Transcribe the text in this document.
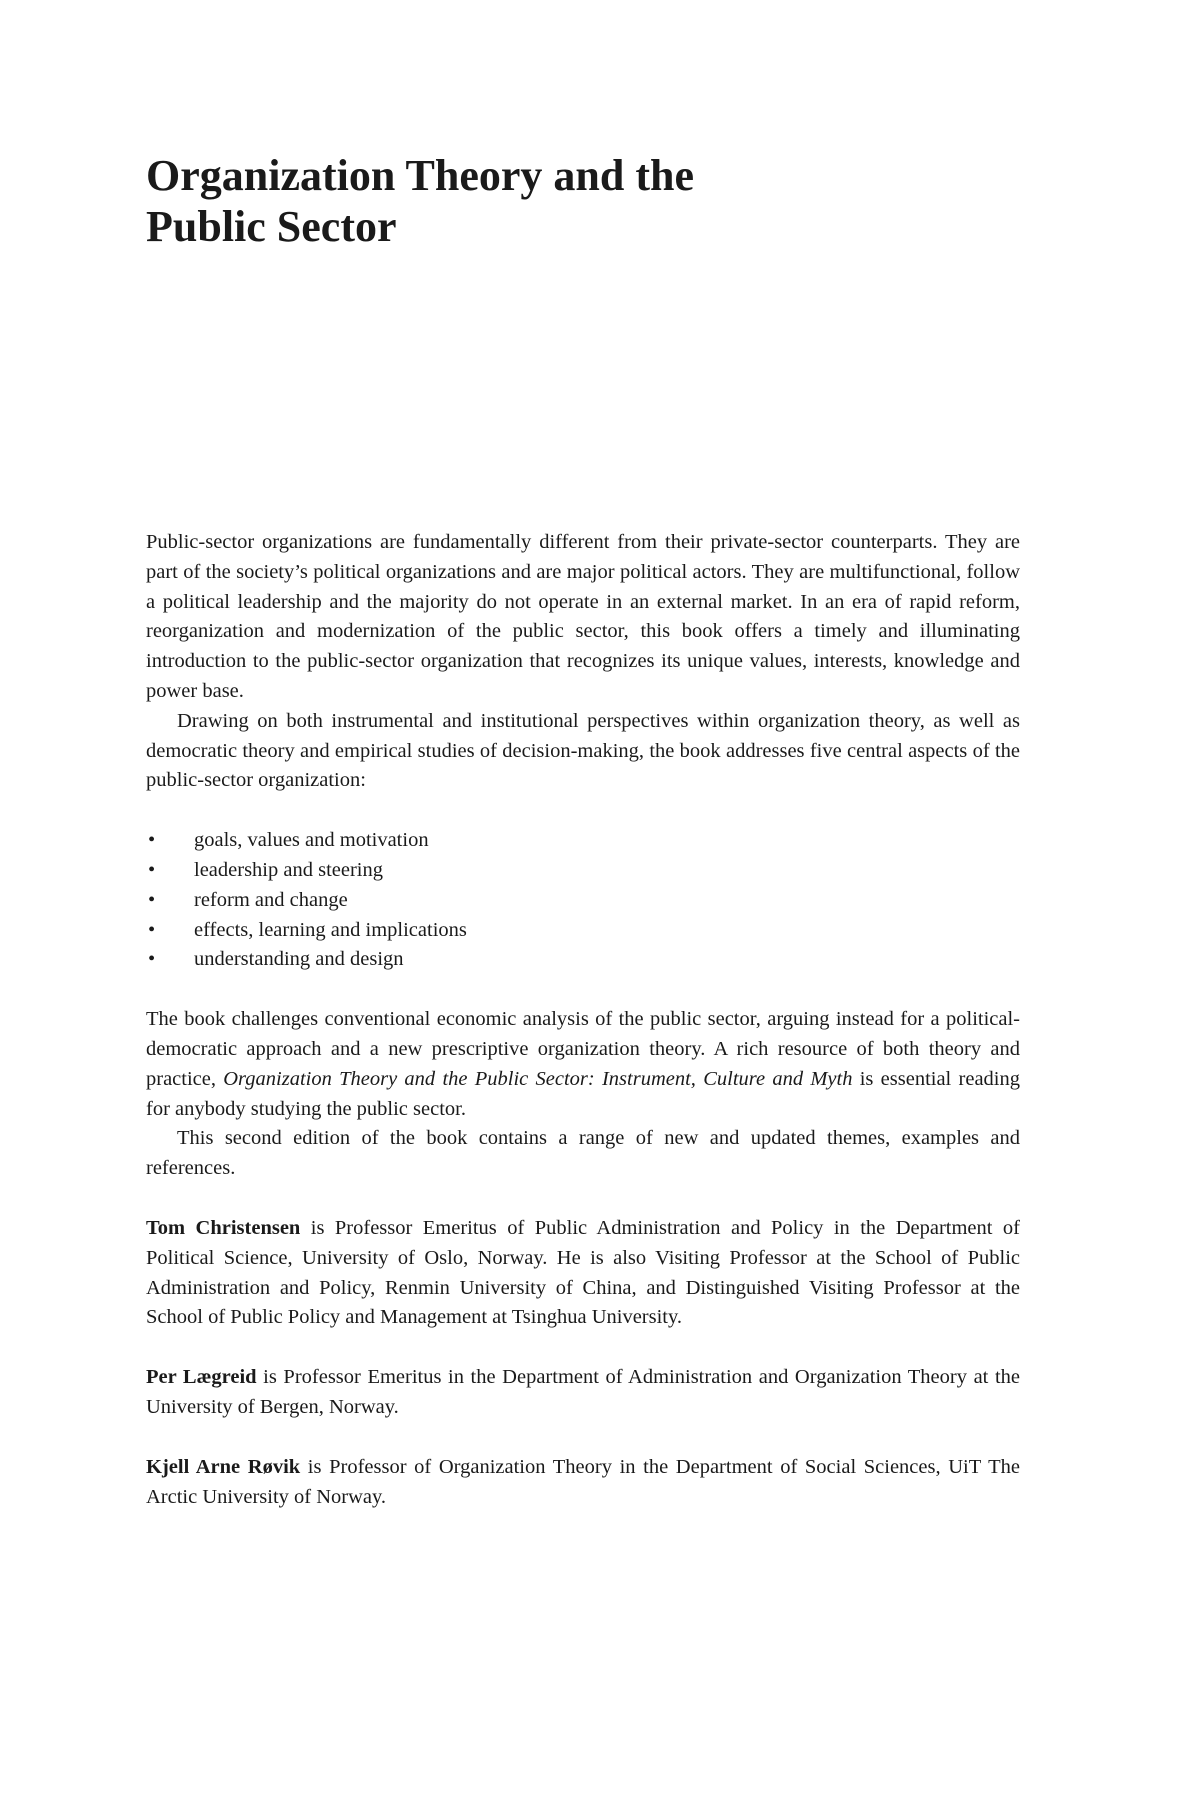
Organization Theory and the
Public Sector

Public-sector organizations are fundamentally different from their private-sector counterparts. They are part of the society’s political organizations and are major political actors. They are multifunctional, follow a political leadership and the majority do not operate in an external market. In an era of rapid reform, reorganization and modernization of the public sector, this book offers a timely and illuminating introduction to the public-sector organization that recognizes its unique values, interests, knowledge and power base.

Drawing on both instrumental and institutional perspectives within organization theory, as well as democratic theory and empirical studies of decision-making, the book addresses five central aspects of the public-sector organization:

• goals, values and motivation
• leadership and steering
• reform and change
• effects, learning and implications
• understanding and design

The book challenges conventional economic analysis of the public sector, arguing instead for a political-democratic approach and a new prescriptive organization theory. A rich resource of both theory and practice, Organization Theory and the Public Sector: Instrument, Culture and Myth is essential reading for anybody studying the public sector.

This second edition of the book contains a range of new and updated themes, examples and references.

Tom Christensen is Professor Emeritus of Public Administration and Policy in the Department of Political Science, University of Oslo, Norway. He is also Visiting Professor at the School of Public Administration and Policy, Renmin University of China, and Distinguished Visiting Professor at the School of Public Policy and Management at Tsinghua University.

Per Lægreid is Professor Emeritus in the Department of Administration and Organization Theory at the University of Bergen, Norway.

Kjell Arne Røvik is Professor of Organization Theory in the Department of Social Sciences, UiT The Arctic University of Norway.
